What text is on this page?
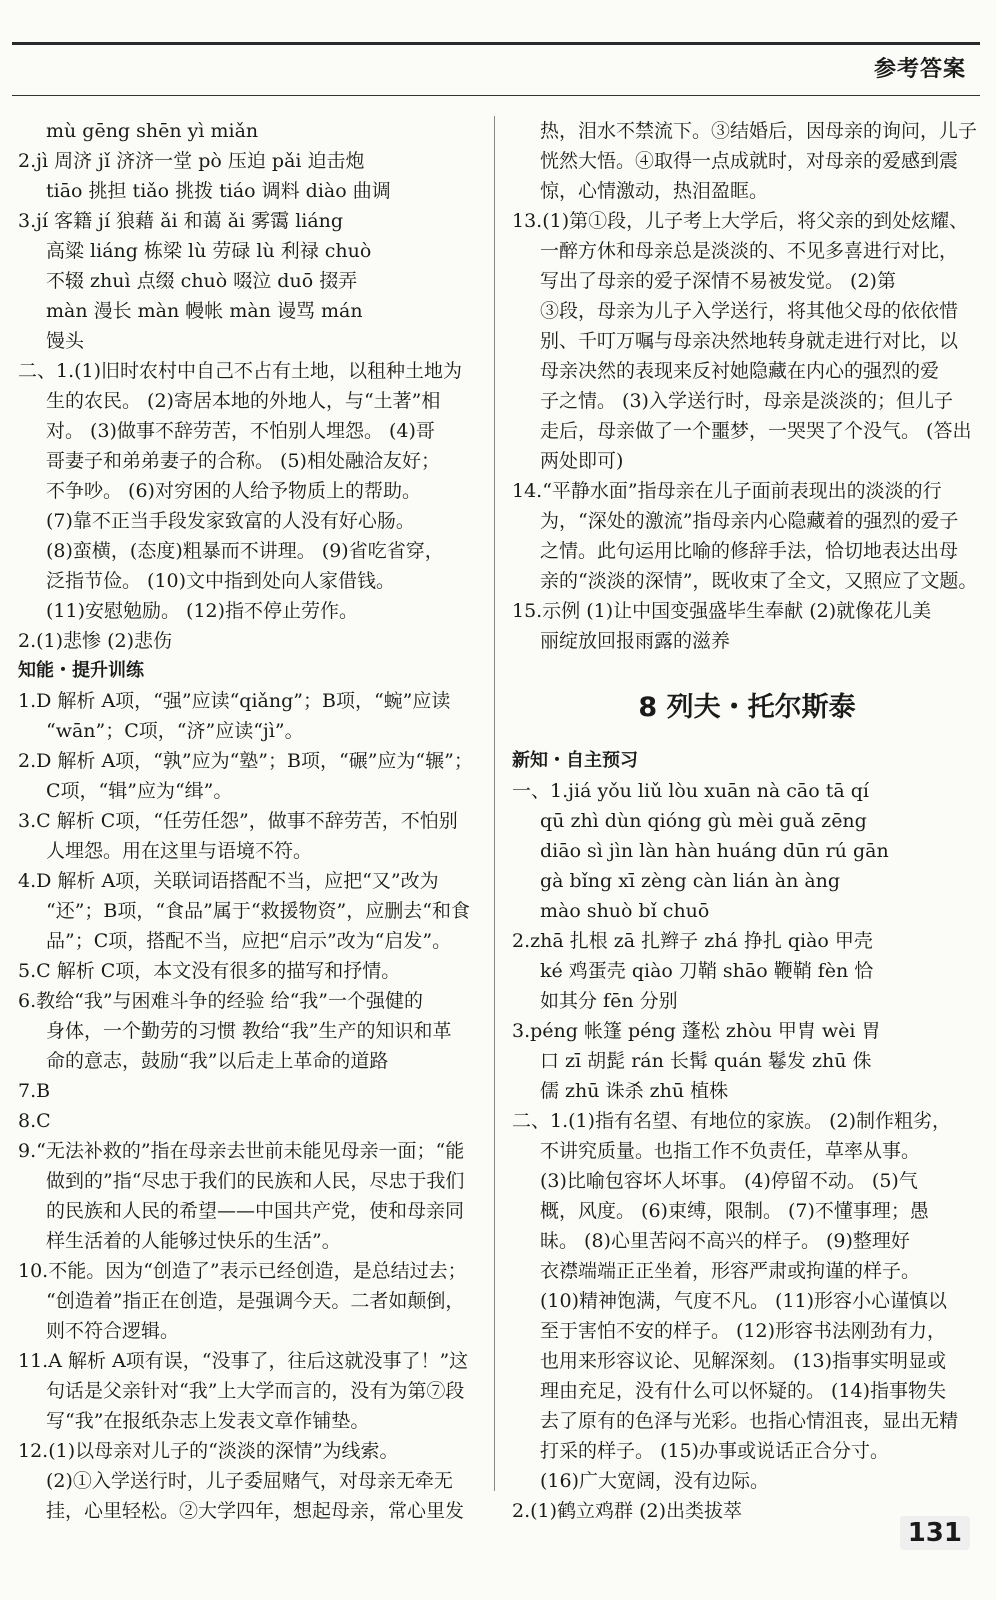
参考答案
mù gēng shēn yì miǎn
2.jì 周济 jǐ 济济一堂 pò 压迫 pǎi 迫击炮
tiāo 挑担 tiǎo 挑拨 tiáo 调料 diào 曲调
3.jí 客籍 jí 狼藉 ǎi 和蔼 ǎi 雾霭 liáng
高粱 liáng 栋梁 lù 劳碌 lù 利禄 chuò
不辍 zhuì 点缀 chuò 啜泣 duō 掇弄
màn 漫长 màn 幔帐 màn 谩骂 mán
馒头
二、1.(1)旧时农村中自己不占有土地，以租种土地为
生的农民。 (2)寄居本地的外地人，与“土著”相
对。 (3)做事不辞劳苦，不怕别人埋怨。 (4)哥
哥妻子和弟弟妻子的合称。 (5)相处融洽友好；
不争吵。 (6)对穷困的人给予物质上的帮助。
(7)靠不正当手段发家致富的人没有好心肠。
(8)蛮横，(态度)粗暴而不讲理。 (9)省吃省穿，
泛指节俭。 (10)文中指到处向人家借钱。
(11)安慰勉励。 (12)指不停止劳作。
2.(1)悲惨 (2)悲伤
知能・提升训练
1.D 解析 A项，“强”应读“qiǎng”；B项，“蜿”应读
“wān”；C项，“济”应读“jì”。
2.D 解析 A项，“孰”应为“塾”；B项，“碾”应为“辗”；
C项，“辑”应为“缉”。
3.C 解析 C项，“任劳任怨”，做事不辞劳苦，不怕别
人埋怨。用在这里与语境不符。
4.D 解析 A项，关联词语搭配不当，应把“又”改为
“还”；B项，“食品”属于“救援物资”，应删去“和食
品”；C项，搭配不当，应把“启示”改为“启发”。
5.C 解析 C项，本文没有很多的描写和抒情。
6.教给“我”与困难斗争的经验 给“我”一个强健的
身体，一个勤劳的习惯 教给“我”生产的知识和革
命的意志，鼓励“我”以后走上革命的道路
7.B
8.C
9.“无法补救的”指在母亲去世前未能见母亲一面；“能
做到的”指“尽忠于我们的民族和人民，尽忠于我们
的民族和人民的希望——中国共产党，使和母亲同
样生活着的人能够过快乐的生活”。
10.不能。因为“创造了”表示已经创造，是总结过去；
“创造着”指正在创造，是强调今天。二者如颠倒，
则不符合逻辑。
11.A 解析 A项有误，“没事了，往后这就没事了！”这
句话是父亲针对“我”上大学而言的，没有为第⑦段
写“我”在报纸杂志上发表文章作铺垫。
12.(1)以母亲对儿子的“淡淡的深情”为线索。
(2)①入学送行时，儿子委屈赌气，对母亲无牵无
挂，心里轻松。②大学四年，想起母亲，常心里发
热，泪水不禁流下。③结婚后，因母亲的询问，儿子
恍然大悟。④取得一点成就时，对母亲的爱感到震
惊，心情激动，热泪盈眶。
13.(1)第①段，儿子考上大学后，将父亲的到处炫耀、
一醉方休和母亲总是淡淡的、不见多喜进行对比，
写出了母亲的爱子深情不易被发觉。 (2)第
③段，母亲为儿子入学送行，将其他父母的依依惜
别、千叮万嘱与母亲决然地转身就走进行对比，以
母亲决然的表现来反衬她隐藏在内心的强烈的爱
子之情。 (3)入学送行时，母亲是淡淡的；但儿子
走后，母亲做了一个噩梦，一哭哭了个没气。 (答出
两处即可)
14.“平静水面”指母亲在儿子面前表现出的淡淡的行
为，“深处的激流”指母亲内心隐藏着的强烈的爱子
之情。此句运用比喻的修辞手法，恰切地表达出母
亲的“淡淡的深情”，既收束了全文，又照应了文题。
15.示例 (1)让中国变强盛毕生奉献 (2)就像花儿美
丽绽放回报雨露的滋养
8 列夫・托尔斯泰
新知・自主预习
一、1.jiá yǒu liǔ lòu xuān nà cāo tā qí
qū zhì dùn qióng gù mèi guǎ zēng
diāo sì jìn làn hàn huáng dūn rú gān
gà bǐng xī zèng càn lián àn àng
mào shuò bǐ chuō
2.zhā 扎根 zā 扎辫子 zhá 挣扎 qiào 甲壳
ké 鸡蛋壳 qiào 刀鞘 shāo 鞭鞘 fèn 恰
如其分 fēn 分别
3.péng 帐篷 péng 蓬松 zhòu 甲胄 wèi 胃
口 zī 胡髭 rán 长髯 quán 鬈发 zhū 侏
儒 zhū 诛杀 zhū 植株
二、1.(1)指有名望、有地位的家族。 (2)制作粗劣，
不讲究质量。也指工作不负责任，草率从事。
(3)比喻包容坏人坏事。 (4)停留不动。 (5)气
概，风度。 (6)束缚，限制。 (7)不懂事理；愚
昧。 (8)心里苦闷不高兴的样子。 (9)整理好
衣襟端端正正坐着，形容严肃或拘谨的样子。
(10)精神饱满，气度不凡。 (11)形容小心谨慎以
至于害怕不安的样子。 (12)形容书法刚劲有力，
也用来形容议论、见解深刻。 (13)指事实明显或
理由充足，没有什么可以怀疑的。 (14)指事物失
去了原有的色泽与光彩。也指心情沮丧，显出无精
打采的样子。 (15)办事或说话正合分寸。
(16)广大宽阔，没有边际。
2.(1)鹤立鸡群 (2)出类拔萃
131
